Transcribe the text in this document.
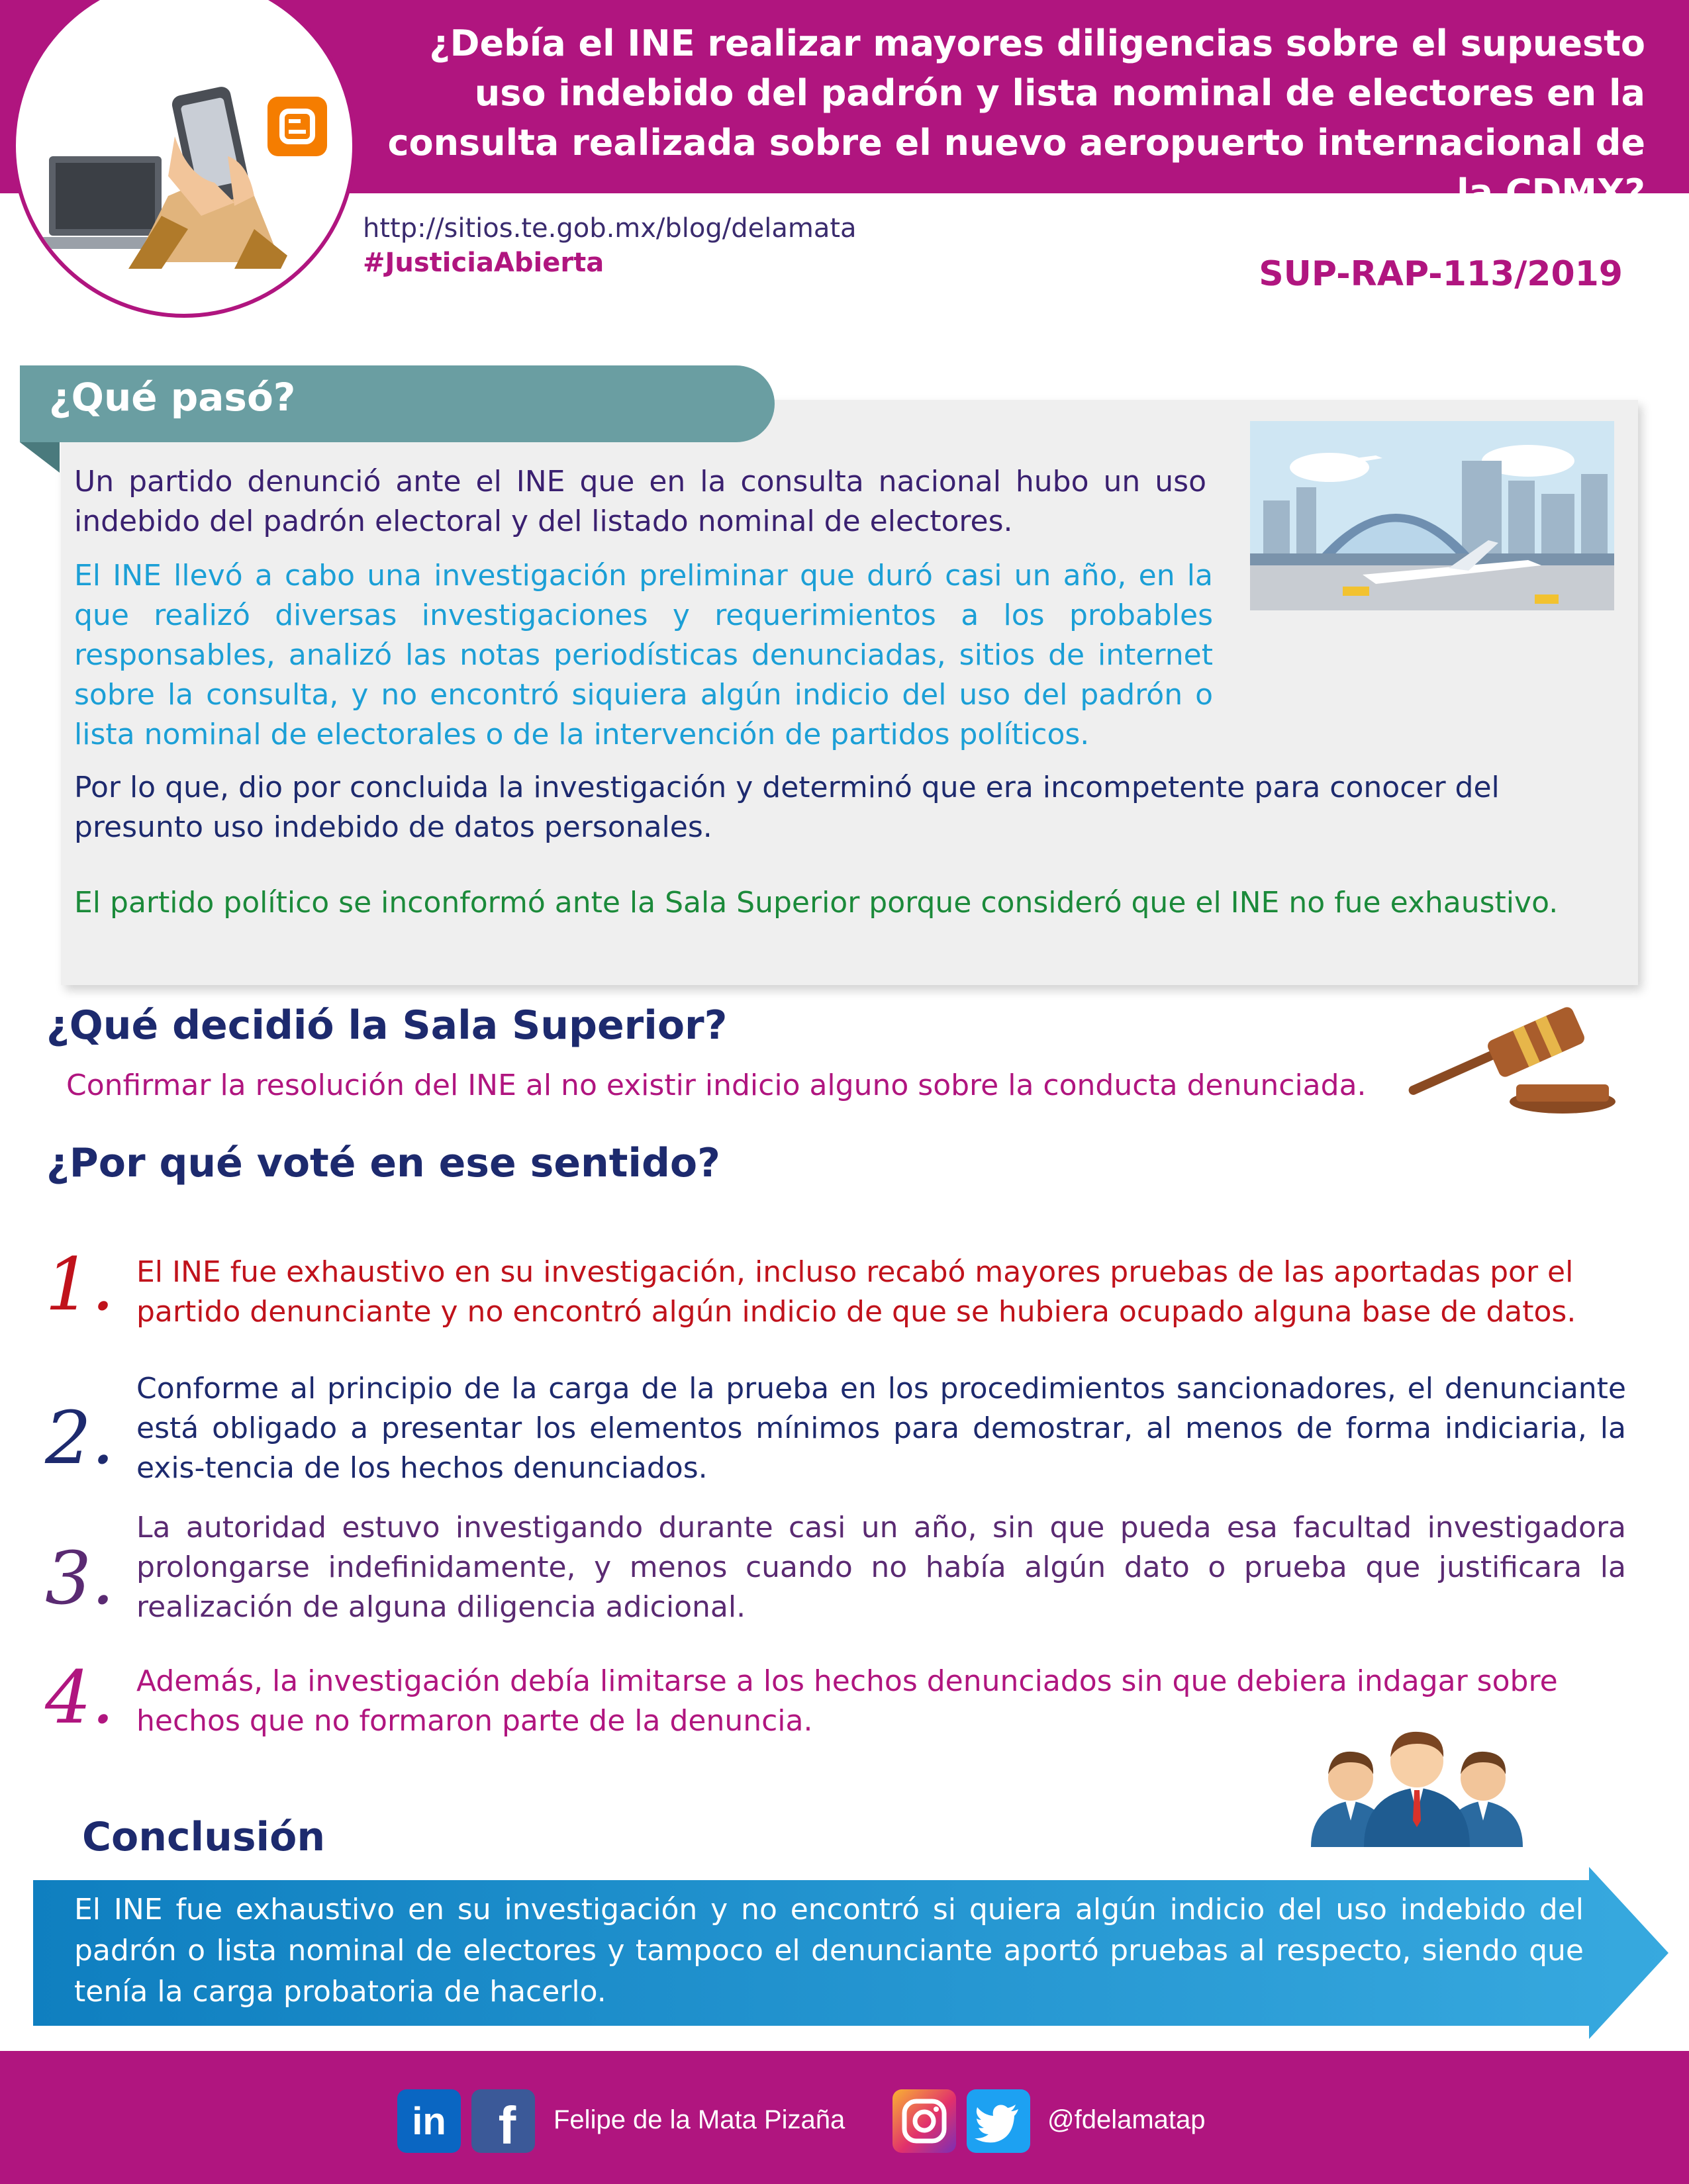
¿Debía el INE realizar mayores diligencias sobre el supuesto uso indebido del padrón y lista nominal de electores en la consulta realizada sobre el nuevo aeropuerto internacional de la CDMX?
http://sitios.te.gob.mx/blog/delamata
#JusticiaAbierta	SUP-RAP-113/2019
¿Qué pasó?

Un partido denunció ante el INE que en la consulta nacional hubo un uso indebido del padrón electoral y del listado nominal de electores.

El INE llevó a cabo una investigación preliminar que duró casi un año, en la que realizó diversas investigaciones y requerimientos a los probables responsables, analizó las notas periodísticas denunciadas, sitios de internet sobre la consulta, y no encontró siquiera algún indicio del uso del padrón o lista nominal de electorales o de la intervención de partidos políticos.

Por lo que, dio por concluida la investigación y determinó que era incompetente para conocer del presunto uso indebido de datos personales.

El partido político se inconformó ante la Sala Superior porque consideró que el INE no fue exhaustivo.

¿Qué decidió la Sala Superior?

Confirmar la resolución del INE al no existir indicio alguno sobre la conducta denunciada.

¿Por qué voté en ese sentido?
1. El INE fue exhaustivo en su investigación, incluso recabó mayores pruebas de las aportadas por el partido denunciante y no encontró algún indicio de que se hubiera ocupado alguna base de datos.

2.

Conforme al principio de la carga de la prueba en los procedimientos sancionadores, el denunciante está obligado a presentar los elementos mínimos para demostrar, al menos de forma indiciaria, la exis-tencia de los hechos denunciados.

3.

La autoridad estuvo investigando durante casi un año, sin que pueda esa facultad investigadora prolongarse indefinidamente, y menos cuando no había algún dato o prueba que justificara la realización de alguna diligencia adicional.

4. Además, la investigación debía limitarse a los hechos denunciados sin que debiera indagar sobre hechos que no formaron parte de la denuncia.

Conclusión

El INE fue exhaustivo en su investigación y no encontró si quiera algún indicio del uso indebido del padrón o lista nominal de electores y tampoco el denunciante aportó pruebas al respecto, siendo que tenía la carga probatoria de hacerlo.

in f Felipe de la Mata Pizaña	@fdelamatap
